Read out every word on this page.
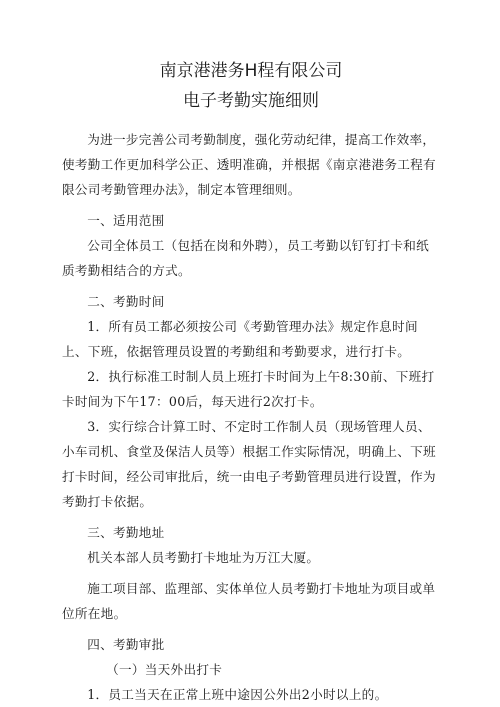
南京港港务H程有限公司
电子考勤实施细则

为进一步完善公司考勤制度，强化劳动纪律，提高工作效率，使考勤工作更加科学公正、透明准确，并根据《南京港港务工程有限公司考勤管理办法》，制定本管理细则。

一、适用范围

公司全体员工（包括在岗和外聘），员工考勤以钉钉打卡和纸质考勤相结合的方式。

二、考勤时间

1．所有员工都必须按公司《考勤管理办法》规定作息时间上、下班，依据管理员设置的考勤组和考勤要求，进行打卡。

2．执行标准工时制人员上班打卡时间为上午8:30前、下班打卡时间为下午17：00后，每天进行2次打卡。

3．实行综合计算工时、不定时工作制人员（现场管理人员、小车司机、食堂及保洁人员等）根据工作实际情况，明确上、下班打卡时间，经公司审批后，统一由电子考勤管理员进行设置，作为考勤打卡依据。

三、考勤地址

机关本部人员考勤打卡地址为万江大厦。

施工项目部、监理部、实体单位人员考勤打卡地址为项目或单位所在地。

四、考勤审批

（一）当天外出打卡

1．员工当天在正常上班中途因公外出2小时以上的。
